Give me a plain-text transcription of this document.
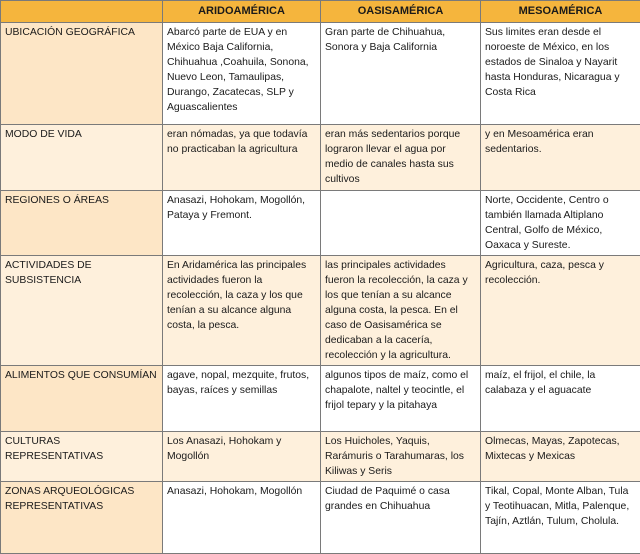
	ARIDOAMÉRICA	OASISAMÉRICA	MESOAMÉRICA
UBICACIÓN GEOGRÁFICA	Abarcó parte de EUA y en México Baja California, Chihuahua ,Coahuila, Sonona, Nuevo Leon, Tamaulipas, Durango, Zacatecas, SLP y Aguascalientes	Gran parte de Chihuahua, Sonora y Baja California	Sus limites eran desde el noroeste de México, en los estados de Sinaloa y Nayarit hasta Honduras, Nicaragua y Costa Rica
MODO DE VIDA	eran nómadas, ya que todavía no practicaban la agricultura	eran más sedentarios porque lograron llevar el agua por medio de canales hasta sus cultivos	y en Mesoamérica eran sedentarios.
REGIONES O ÁREAS	Anasazi, Hohokam, Mogollón, Pataya y Fremont.		Norte, Occidente, Centro o también llamada Altiplano Central, Golfo de México, Oaxaca y Sureste.
ACTIVIDADES DE SUBSISTENCIA	En Aridamérica las principales actividades fueron la recolección, la caza y los que tenían a su alcance alguna costa, la pesca.	las principales actividades fueron la recolección, la caza y los que tenían a su alcance alguna costa, la pesca. En el caso de Oasisamérica se dedicaban a la cacería, recolección y la agricultura.	Agricultura, caza, pesca y recolección.
ALIMENTOS QUE CONSUMÍAN	agave, nopal, mezquite, frutos, bayas, raíces y semillas	algunos tipos de maíz, como el chapalote, naltel y teocintle, el frijol tepary y la pitahaya	maíz, el frijol, el chile, la calabaza y el aguacate
CULTURAS REPRESENTATIVAS	Los Anasazi, Hohokam y Mogollón	Los Huicholes, Yaquis, Rarámuris o Tarahumaras, los Kiliwas y Seris	Olmecas, Mayas, Zapotecas, Mixtecas y Mexicas
ZONAS ARQUEOLÓGICAS REPRESENTATIVAS	Anasazi, Hohokam, Mogollón	Ciudad de Paquimé o casa grandes en Chihuahua	Tikal, Copal, Monte Alban, Tula y Teotihuacan, Mitla, Palenque, Tajín, Aztlán, Tulum, Cholula.
